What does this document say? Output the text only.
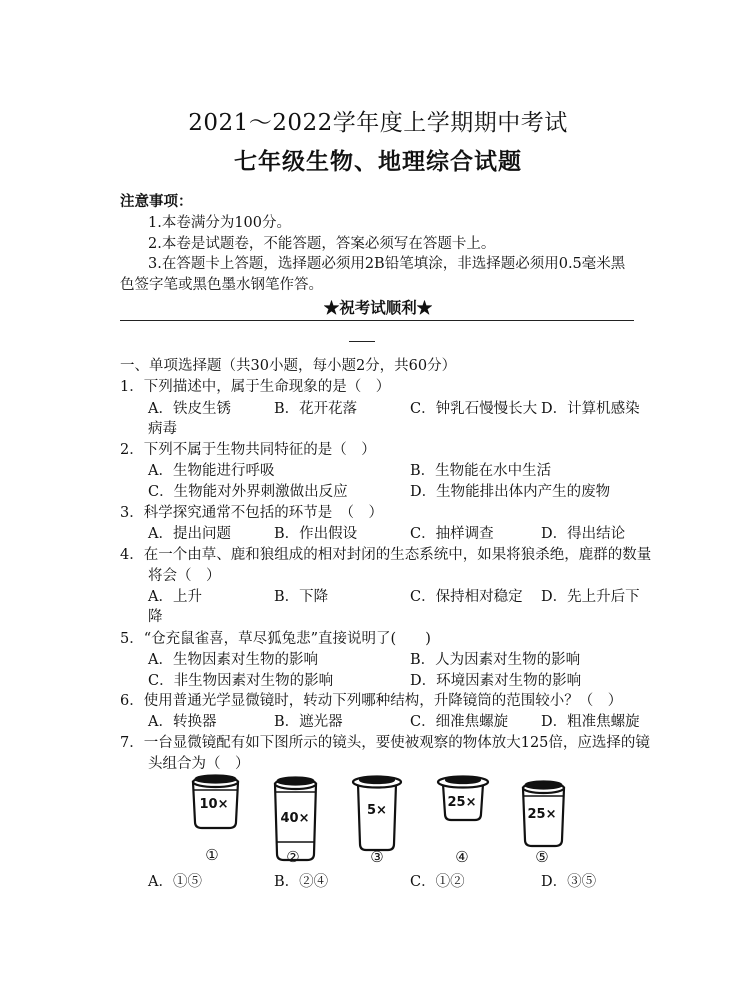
2021～2022学年度上学期期中考试
七年级生物、地理综合试题
注意事项：
1.本卷满分为100分。
2.本卷是试题卷，不能答题，答案必须写在答题卡上。
3.在答题卡上答题，选择题必须用2B铅笔填涂，非选择题必须用0.5毫米黑
色签字笔或黑色墨水钢笔作答。
★祝考试顺利★
一、单项选择题（共30小题，每小题2分，共60分）
1．下列描述中，属于生命现象的是（　）
A．铁皮生锈	B．花开花落	C．钟乳石慢慢长大 D．计算机感染
病毒
2．下列不属于生物共同特征的是（　）
A．生物能进行呼吸	B．生物能在水中生活
C．生物能对外界刺激做出反应	D．生物能排出体内产生的废物
3．科学探究通常不包括的环节是　（　）
A．提出问题	B．作出假设	C．抽样调查	D．得出结论
4．在一个由草、鹿和狼组成的相对封闭的生态系统中，如果将狼杀绝，鹿群的数量
将会（　）
A．上升	B．下降	C．保持相对稳定 D．先上升后下
降
5．“仓充鼠雀喜，草尽狐兔悲”直接说明了(　　)
A．生物因素对生物的影响	B．人为因素对生物的影响
C．非生物因素对生物的影响	D．环境因素对生物的影响
6．使用普通光学显微镜时，转动下列哪种结构，升降镜筒的范围较小？（　）
A．转换器	B．遮光器	C．细准焦螺旋 D．粗准焦螺旋
7．一台显微镜配有如下图所示的镜头，要使被观察的物体放大125倍，应选择的镜
头组合为（　）
10×
40×
5×
25×
25×
①	②	③	④	⑤
A．①⑤	B．②④	C．①②	D．③⑤
